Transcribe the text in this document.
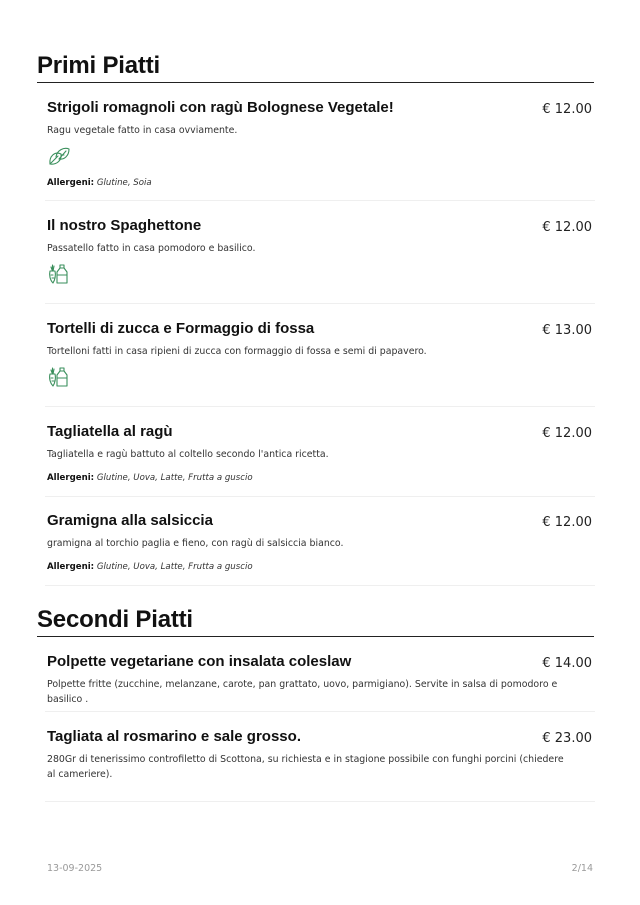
Primi Piatti
Strigoli romagnoli con ragù Bolognese Vegetale!	€ 12.00
Ragu vegetale fatto in casa ovviamente.
Allergeni: Glutine, Soia
Il nostro Spaghettone	€ 12.00
Passatello fatto in casa pomodoro e basilico.
Tortelli di zucca e Formaggio di fossa	€ 13.00
Tortelloni fatti in casa ripieni di zucca con formaggio di fossa e semi di papavero.
Tagliatella al ragù	€ 12.00
Tagliatella e ragù battuto al coltello secondo l'antica ricetta.
Allergeni: Glutine, Uova, Latte, Frutta a guscio
Gramigna alla salsiccia	€ 12.00
gramigna al torchio paglia e fieno, con ragù di salsiccia bianco.
Allergeni: Glutine, Uova, Latte, Frutta a guscio
Secondi Piatti
Polpette vegetariane con insalata coleslaw	€ 14.00
Polpette fritte (zucchine, melanzane, carote, pan grattato, uovo, parmigiano). Servite in salsa di pomodoro e basilico .
Tagliata al rosmarino e sale grosso.	€ 23.00
280Gr di tenerissimo controfiletto di Scottona, su richiesta e in stagione possibile con funghi porcini (chiedere al cameriere).
13-09-2025	2/14
